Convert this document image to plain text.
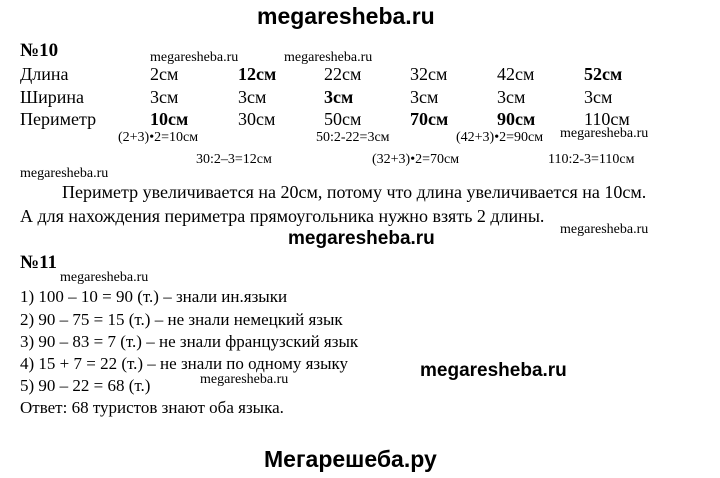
megaresheba.ru
№10	megaresheba.ru	megaresheba.ru
Длина	2см	12см	22см	32см	42см	52см
Ширина	3см	3см	3см	3см	3см	3см
Периметр	10см	30см	50см	70см	90см	110см
(2+3)•2=10см	50:2-22=3см	(42+3)•2=90см megaresheba.ru
30:2–3=12см	(32+3)•2=70см	110:2-3=110см
megaresheba.ru
Периметр увеличивается на 20см, потому что длина увеличивается на 10см.
А для нахождения периметра прямоугольника нужно взять 2 длины.
megaresheba.ru	megaresheba.ru
№11
megaresheba.ru
1) 100 – 10 = 90 (т.) – знали ин.языки
2) 90 – 75 = 15 (т.) – не знали немецкий язык
3) 90 – 83 = 7 (т.) – не знали французский язык
4) 15 + 7 = 22 (т.) – не знали по одному языку	megaresheba.ru
5) 90 – 22 = 68 (т.)	megaresheba.ru
Ответ: 68 туристов знают оба языка.
Мегарешеба.ру
